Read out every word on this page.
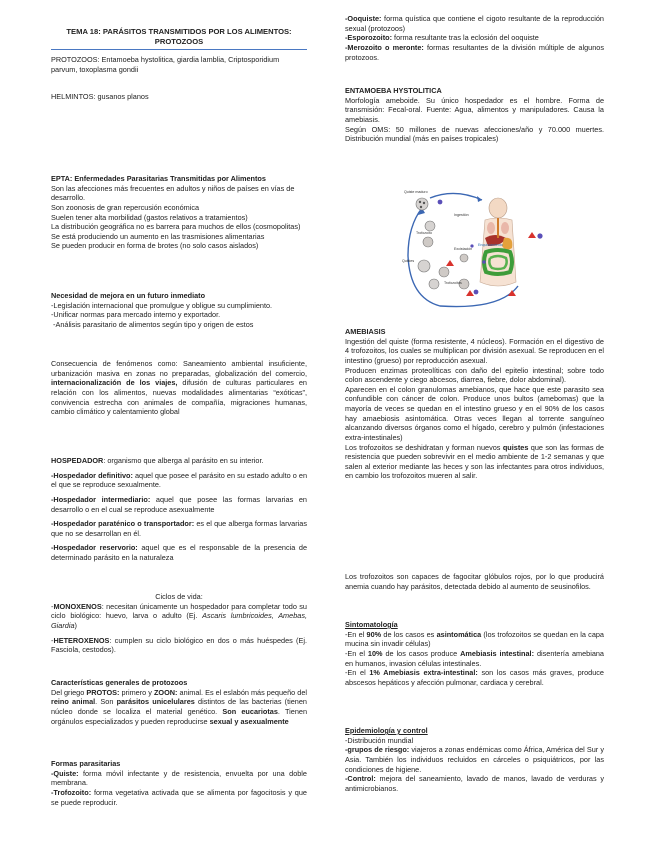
TEMA 18: PARÁSITOS TRANSMITIDOS POR LOS ALIMENTOS: PROTOZOOS

PROTOZOOS: Entamoeba hystolitica, giardia lamblia, Criptosporidium parvum, toxoplasma gondii

HELMINTOS: gusanos planos

EPTA: Enfermedades Parasitarias Transmitidas por Alimentos

Son las afecciones más frecuentes en adultos y niños de países en vías de desarrollo.

Son zoonosis de gran repercusión económica

Suelen tener alta morbilidad (gastos relativos a tratamientos)

La distribución geográfica no es barrera para muchos de ellos (cosmopolitas)

Se está produciendo un aumento en las trasmisiones alimentarias

Se pueden producir en forma de brotes (no solo casos aislados)

Necesidad de mejora en un futuro inmediato

-Legislación internacional que promulgue y obligue su cumplimiento.

-Unificar normas para mercado interno y exportador.

-Análisis parasitario de alimentos según tipo y origen de estos

Consecuencia de fenómenos como: Saneamiento ambiental insuficiente, urbanización masiva en zonas no preparadas, globalización del comercio, internacionalización de los viajes, difusión de culturas particulares en relación con los alimentos, nuevas modalidades alimentarias “exóticas”, convivencia estrecha con animales de compañía, migraciones humanas, cambio climático y calentamiento global

HOSPEDADOR: organismo que alberga al parásito en su interior.

-Hospedador definitivo: aquel que posee el parásito en su estado adulto o en el que se reproduce sexualmente.

-Hospedador intermediario: aquel que posee las formas larvarias en desarrollo o en el cual se reproduce asexualmente

-Hospedador paraténico o transportador: es el que alberga formas larvarias que no se desarrollan en él.

-Hospedador reservorio: aquel que es el responsable de la presencia de determinado parásito en la naturaleza

Ciclos de vida:

-MONOXENOS: necesitan únicamente un hospedador para completar todo su ciclo biológico: huevo, larva o adulto (Ej. Ascaris lumbricoides, Amebas, Giardia)

-HETEROXENOS: cumplen su ciclo biológico en dos o más huéspedes (Ej. Fasciola, cestodos).

Características generales de protozoos

Del griego PROTOS: primero y ZOON: animal. Es el eslabón más pequeño del reino animal. Son parásitos unicelulares distintos de las bacterias (tienen núcleo donde se localiza el material genético. Son eucariotas. Tienen orgánulos especializados y pueden reproducirse sexual y asexualmente

Formas parasitarias

-Quiste: forma móvil infectante y de resistencia, envuelta por una doble membrana.

-Trofozoito: forma vegetativa activada que se alimenta por fagocitosis y que se puede reproducir.

-Ooquiste: forma quística que contiene el cigoto resultante de la reproducción sexual (protozoos)

-Esporozoito: forma resultante tras la eclosión del ooquiste

-Merozoito o meronte: formas resultantes de la división múltiple de algunos protozoos.

ENTAMOEBA HYSTOLITICA

Morfología ameboide. Su único hospedador es el hombre. Forma de transmisión: Fecal-oral. Fuente: Agua, alimentos y manipuladores. Causa la amebiasis.

Según OMS: 50 millones de nuevas afecciones/año y 70.000 muertes. Distribución mundial (más en países tropicales)

Quiste maduro
Ingestión
Trofozoíto
Excistación
Enquistamiento
Quistes
Trofozoítos

AMEBIASIS

Ingestión del quiste (forma resistente, 4 núcleos). Formación en el digestivo de 4 trofozoitos, los cuales se multiplican por división asexual. Se reproducen en el intestino (grueso) por reproducción asexual.

Producen enzimas proteolíticas con daño del epitelio intestinal; sobre todo colon ascendente y ciego abcesos, diarrea, fiebre, dolor abdominal).

Aparecen en el colon granulomas amebianos, que hace que este parasito sea confundible con cáncer de colon. Produce unos bultos (amebomas) que la mayoría de veces se quedan en el intestino grueso y en el 90% de los casos hay amaebiosis asintomática. Otras veces llegan al torrente sanguíneo alcanzando diversos órganos como el hígado, cerebro y pulmón (infestaciones extra-intestinales)

Los trofozoitos se deshidratan y forman nuevos quistes que son las formas de resistencia que pueden sobrevivir en el medio ambiente de 1-2 semanas y que salen al exterior mediante las heces y son las infectantes para otros individuos, en cambio los trofozoitos mueren al salir.

Los trofozoitos son capaces de fagocitar glóbulos rojos, por lo que producirá anemia cuando hay parásitos, detectada debido al aumento de seusinofilos.

Sintomatología

-En el 90% de los casos es asintomática (los trofozoitos se quedan en la capa mucina sin invadir células)

-En el 10% de los casos produce Amebiasis intestinal: disentería amebiana en humanos, invasion células intestinales.

-En el 1% Amebiasis extra-intestinal: son los casos más graves, produce abscesos hepáticos y afección pulmonar, cardiaca y cerebral.

Epidemiología y control

-Distribución mundial

-grupos de riesgo: viajeros a zonas endémicas como África, América del Sur y Asia. También los individuos recluidos en cárceles o psiquiátricos, por las condiciones de higiene.

-Control: mejora del saneamiento, lavado de manos, lavado de verduras y antimicrobianos.
